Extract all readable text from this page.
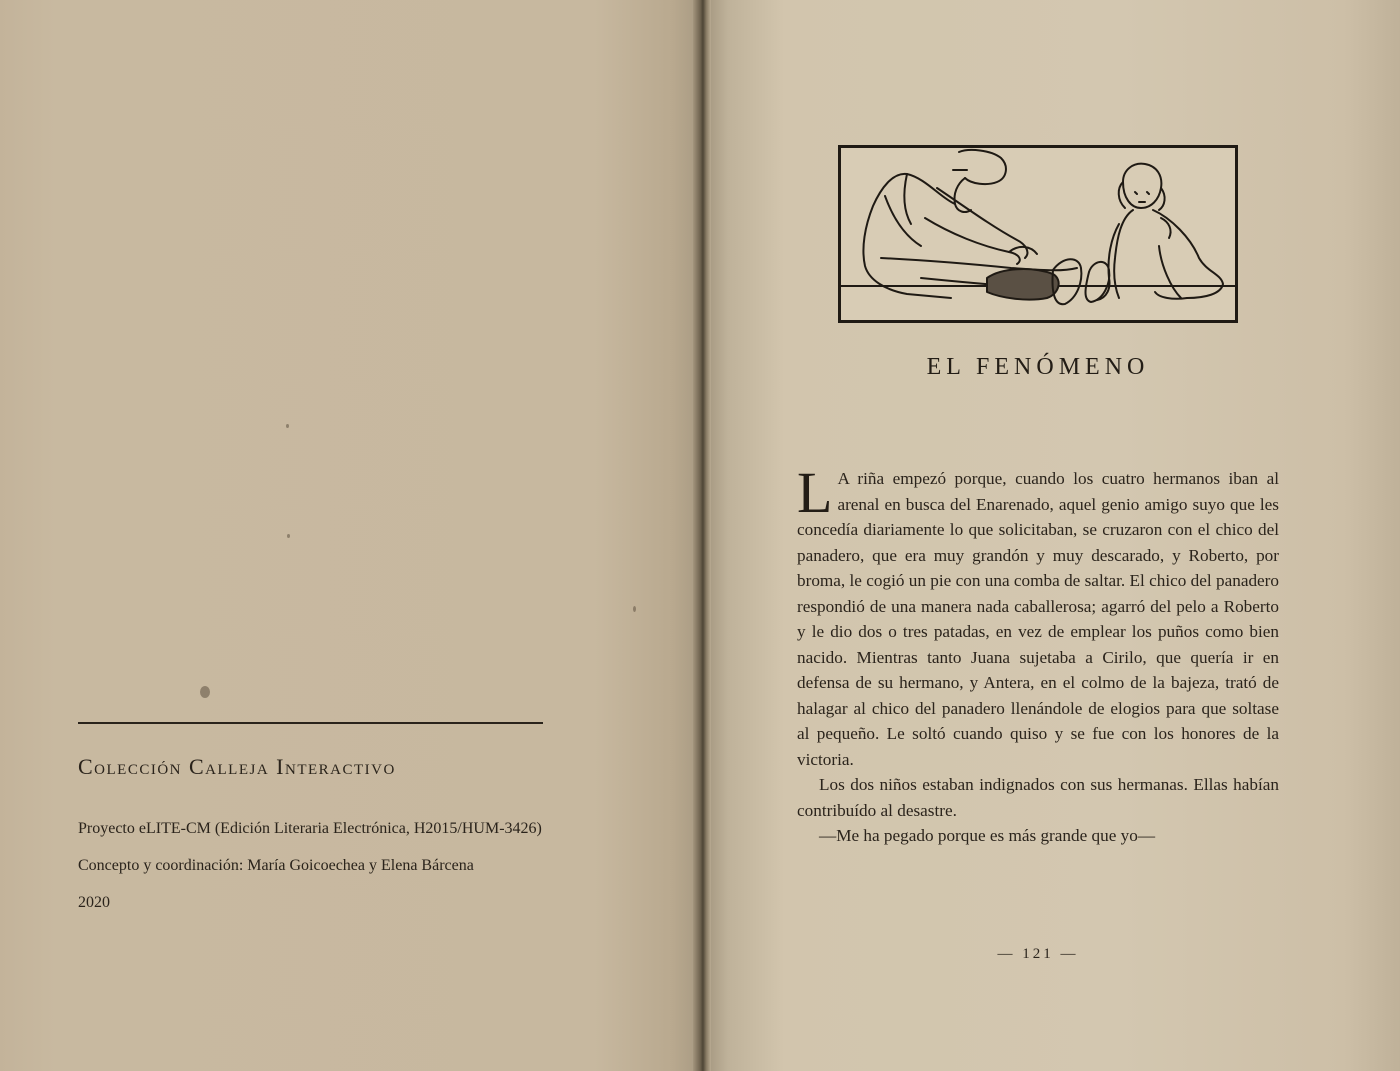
Colección Calleja Interactivo

Proyecto eLITE-CM (Edición Literaria Electrónica, H2015/HUM-3426)

Concepto y coordinación: María Goicoechea y Elena Bárcena

2020

EL FENÓMENO

L A riña empezó porque, cuando los cuatro hermanos iban al arenal en busca del Enarenado, aquel genio amigo suyo que les concedía diariamente lo que solicitaban, se cruzaron con el chico del panadero, que era muy grandón y muy descarado, y Roberto, por broma, le cogió un pie con una comba de saltar. El chico del panadero respondió de una manera nada caballerosa; agarró del pelo a Roberto y le dio dos o tres patadas, en vez de emplear los puños como bien nacido. Mientras tanto Juana sujetaba a Cirilo, que quería ir en defensa de su hermano, y Antera, en el colmo de la bajeza, trató de halagar al chico del panadero llenándole de elogios para que soltase al pequeño. Le soltó cuando quiso y se fue con los honores de la victoria.

Los dos niños estaban indignados con sus hermanas. Ellas habían contribuído al desastre.

—Me ha pegado porque es más grande que yo—

— 121 —
